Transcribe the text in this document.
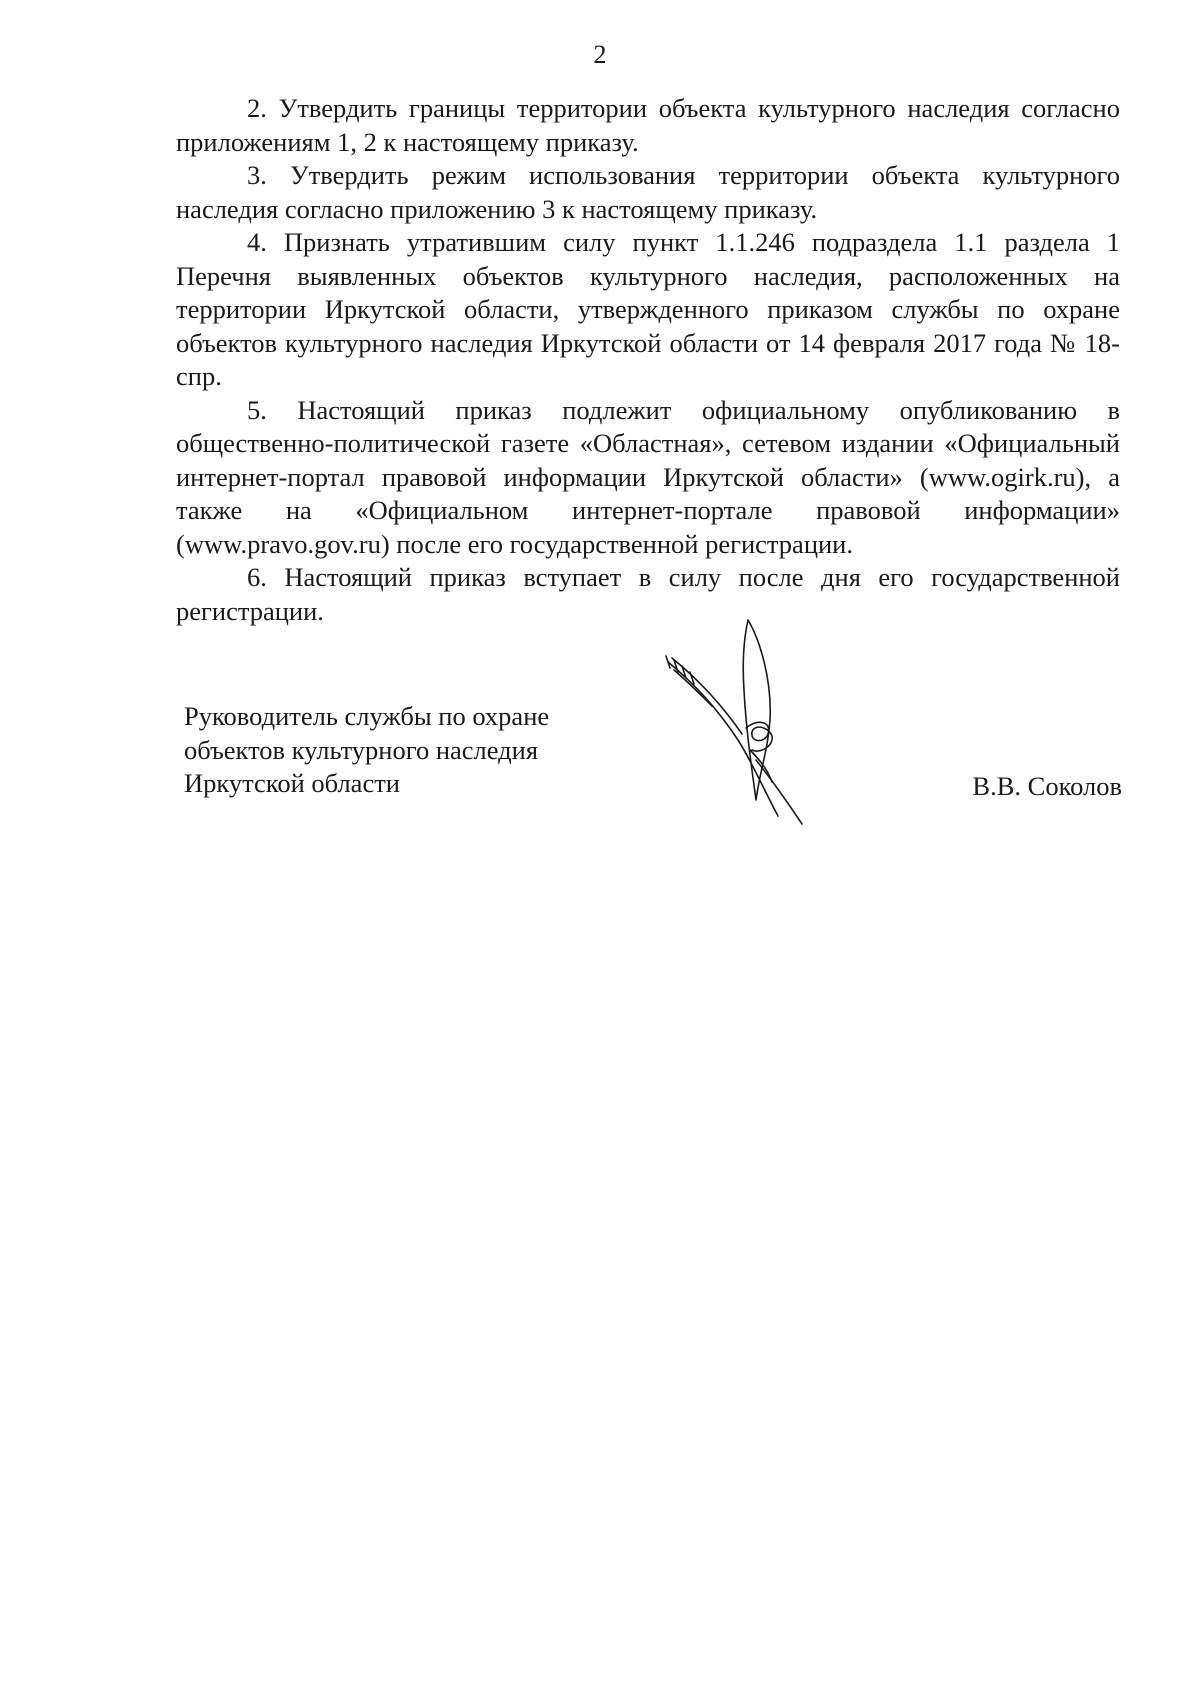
2

2. Утвердить границы территории объекта культурного наследия согласно приложениям 1, 2 к настоящему приказу.

3. Утвердить режим использования территории объекта культурного наследия согласно приложению 3 к настоящему приказу.

4. Признать утратившим силу пункт 1.1.246 подраздела 1.1 раздела 1 Перечня выявленных объектов культурного наследия, расположенных на территории Иркутской области, утвержденного приказом службы по охране объектов культурного наследия Иркутской области от 14 февраля 2017 года № 18-спр.

5. Настоящий приказ подлежит официальному опубликованию в общественно-политической газете «Областная», сетевом издании «Официальный интернет-портал правовой информации Иркутской области» (www.ogirk.ru), а также на «Официальном интернет-портале правовой информации» (www.pravo.gov.ru) после его государственной регистрации.

6. Настоящий приказ вступает в силу после дня его государственной регистрации.

Руководитель службы по охране
объектов культурного наследия
Иркутской области	В.В. Соколов
